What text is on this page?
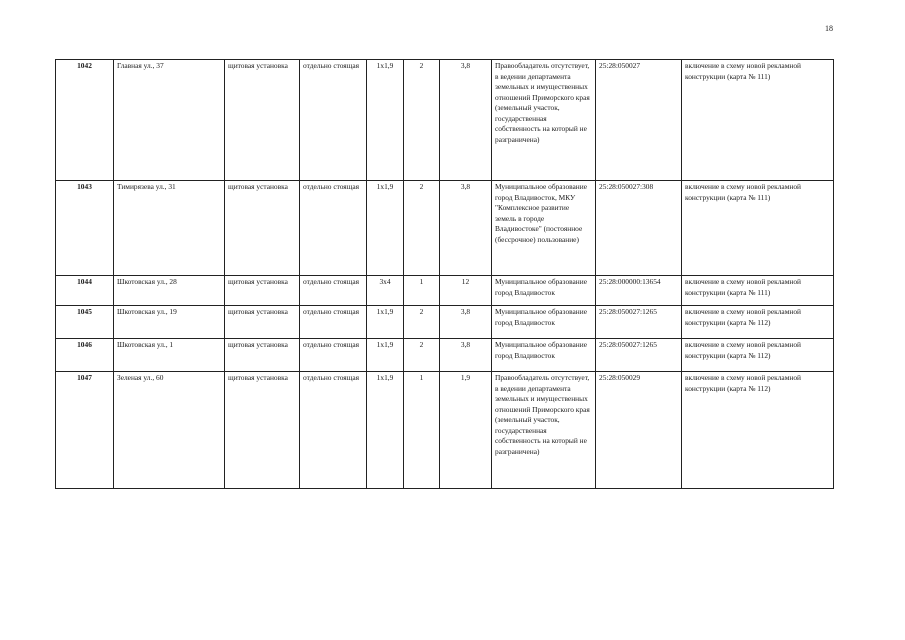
18
1042	Главная ул., 37	щитовая установка	отдельно стоящая	1х1,9	2	3,8	Правообладатель отсутствует, в ведении департамента земельных и имущественных отношений Приморского края (земельный участок, государственная собственность на который не разграничена)	25:28:050027	включение в схему новой рекламной конструкции (карта № 111)
1043	Тимирязева ул., 31	щитовая установка	отдельно стоящая	1х1,9	2	3,8	Муниципальное образование город Владивосток, МКУ "Комплексное развитие земель в городе Владивостоке" (постоянное (бессрочное) пользование)	25:28:050027:308	включение в схему новой рекламной конструкции (карта № 111)
1044	Шкотовская ул., 28	щитовая установка	отдельно стоящая	3х4	1	12	Муниципальное образование город Владивосток	25:28:000000:13654	включение в схему новой рекламной конструкции (карта № 111)
1045	Шкотовская ул., 19	щитовая установка	отдельно стоящая	1х1,9	2	3,8	Муниципальное образование город Владивосток	25:28:050027:1265	включение в схему новой рекламной конструкции (карта № 112)
1046	Шкотовская ул., 1	щитовая установка	отдельно стоящая	1х1,9	2	3,8	Муниципальное образование город Владивосток	25:28:050027:1265	включение в схему новой рекламной конструкции (карта № 112)
1047	Зеленая ул., 60	щитовая установка	отдельно стоящая	1х1,9	1	1,9	Правообладатель отсутствует, в ведении департамента земельных и имущественных отношений Приморского края (земельный участок, государственная собственность на который не разграничена)	25:28:050029	включение в схему новой рекламной конструкции (карта № 112)
